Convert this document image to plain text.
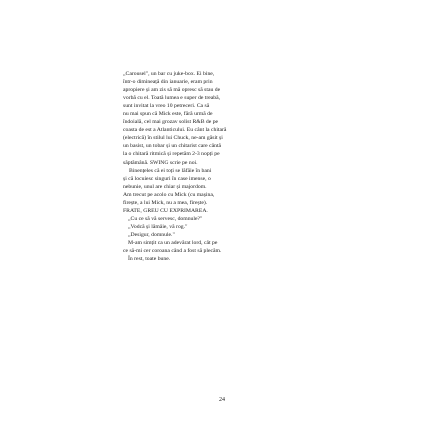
„Carousel", un bar cu juke-box. Ei bine,
într-o dimineață din ianuarie, eram prin
apropiere și am zis să mă opresc să stau de
vorbă cu el. Toată lumea e super de treabă,
sunt invitat la vreo 10 petreceri. Ca să
nu mai spun că Mick este, fără urmă de
îndoială, cel mai grozav solist R&B de pe
coasta de est a Atlanticului. Eu cânt la chitară
(electrică) în stilul lui Chuck, ne-am găsit și
un basist, un tobar și un chitarist care cântă
la o chitară ritmică și repetăm 2-3 nopți pe
săptămână. SWING scrie pe noi.
Binențeles că ei toți se lăfăie în bani
și că locuiesc singuri în case imense, o
nebunie, unul are chiar și majordom.
Am trecut pe acolo cu Mick (cu mașina,
firește, a lui Mick, nu a mea, firește).
FRATE, GREU CU EXPRIMAREA.
„Cu ce să vă servesc, domnule?"
„Vodcă și lămâie, vă rog."
„Desigur, domnule."
M-am simțit ca un adevărat lord, cât pe
ce să-mi cer coroana când a fost să plecăm.
În rest, toate bune.
24
